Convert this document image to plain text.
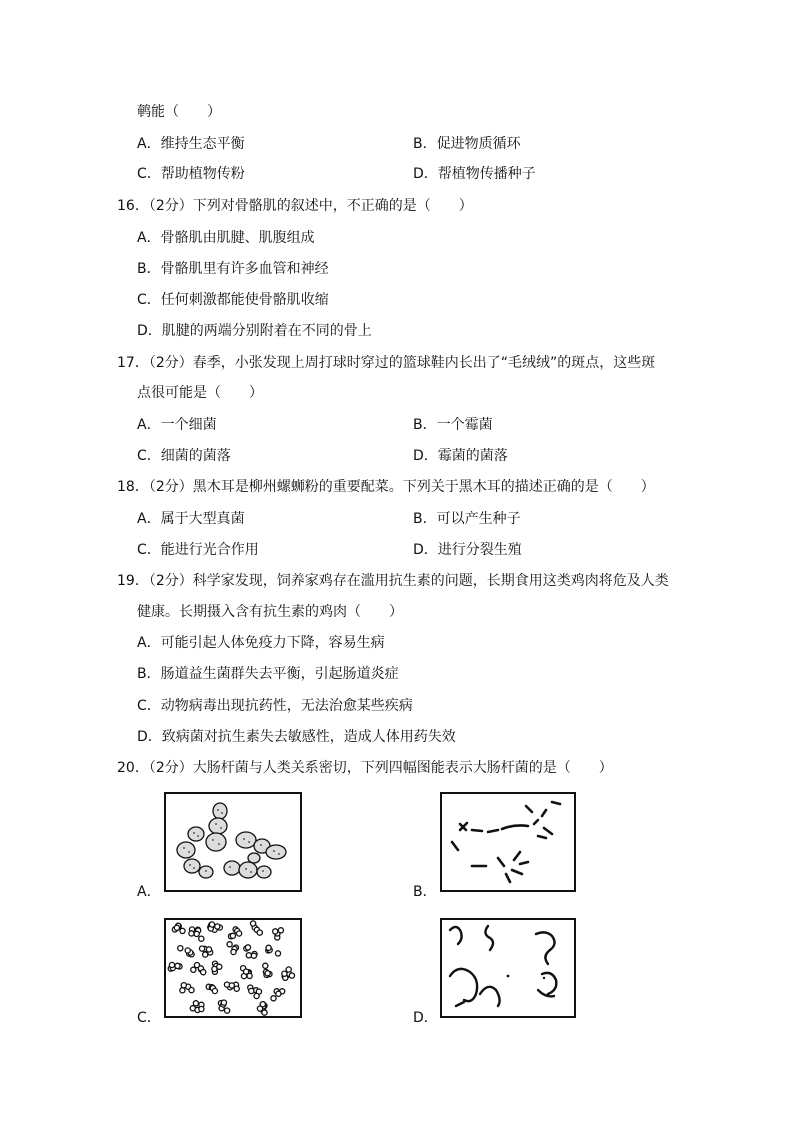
鹌能（　　）
A．维持生态平衡	B．促进物质循环
C．帮助植物传粉	D．帮植物传播种子
16．（2分）下列对骨骼肌的叙述中，不正确的是（　　）
A．骨骼肌由肌腱、肌腹组成
B．骨骼肌里有许多血管和神经
C．任何刺激都能使骨骼肌收缩
D．肌腱的两端分别附着在不同的骨上
17．（2分）春季，小张发现上周打球时穿过的篮球鞋内长出了“毛绒绒”的斑点，这些斑
点很可能是（　　）
A．一个细菌	B．一个霉菌
C．细菌的菌落	D．霉菌的菌落
18．（2分）黑木耳是柳州螺蛳粉的重要配菜。下列关于黑木耳的描述正确的是（　　）
A．属于大型真菌	B．可以产生种子
C．能进行光合作用	D．进行分裂生殖
19．（2分）科学家发现，饲养家鸡存在滥用抗生素的问题，长期食用这类鸡肉将危及人类
健康。长期摄入含有抗生素的鸡肉（　　）
A．可能引起人体免疫力下降，容易生病
B．肠道益生菌群失去平衡，引起肠道炎症
C．动物病毒出现抗药性，无法治愈某些疾病
D．致病菌对抗生素失去敏感性，造成人体用药失效
20．（2分）大肠杆菌与人类关系密切，下列四幅图能表示大肠杆菌的是（　　）
A．	B．
C．	D．
